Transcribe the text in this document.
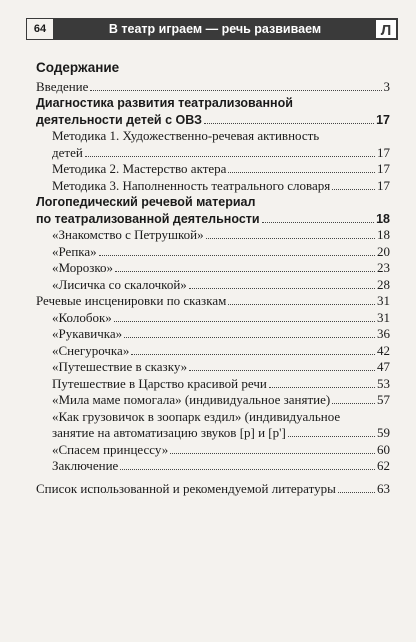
64	В театр играем — речь развиваем	Л
Содержание
Введение	3
Диагностика развития театрализованной
деятельности детей с ОВЗ	17
Методика 1. Художественно-речевая активность
детей	17
Методика 2. Мастерство актера	17
Методика 3. Наполненность театрального словаря	17
Логопедический речевой материал
по театрализованной деятельности	18
«Знакомство с Петрушкой»	18
«Репка»	20
«Морозко»	23
«Лисичка со скалочкой»	28
Речевые инсценировки по сказкам	31
«Колобок»	31
«Рукавичка»	36
«Снегурочка»	42
«Путешествие в сказку»	47
Путешествие в Царство красивой речи	53
«Мила маме помогала» (индивидуальное занятие)	57
«Как грузовичок в зоопарк ездил» (индивидуальное
занятие на автоматизацию звуков [р] и [р']	59
«Спасем принцессу»	60
Заключение	62
Список использованной и рекомендуемой литературы	63
